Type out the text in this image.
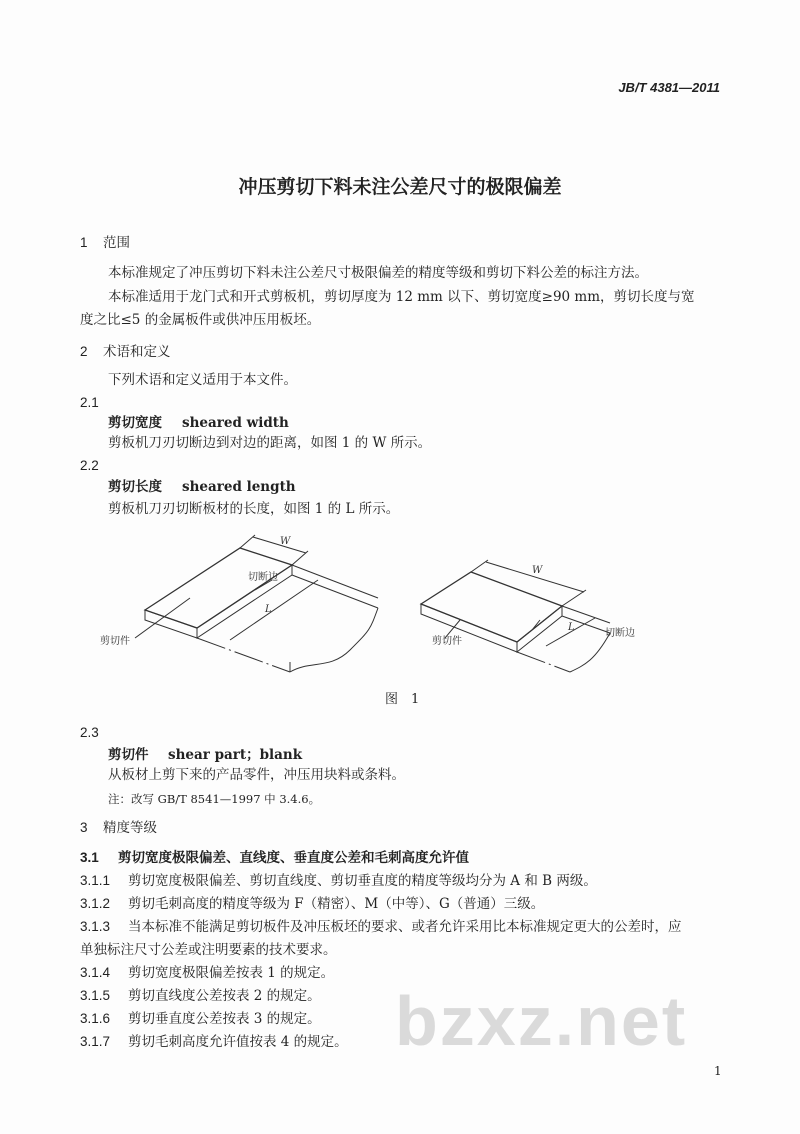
JB/T 4381—2011
冲压剪切下料未注公差尺寸的极限偏差
1 范围
本标准规定了冲压剪切下料未注公差尺寸极限偏差的精度等级和剪切下料公差的标注方法。
本标准适用于龙门式和开式剪板机，剪切厚度为 12 mm 以下、剪切宽度≥90 mm，剪切长度与宽
度之比≤5 的金属板件或供冲压用板坯。
2 术语和定义
下列术语和定义适用于本文件。
2.1
剪切宽度 sheared width
剪板机刀刃切断边到对边的距离，如图 1 的 W 所示。
2.2
剪切长度 sheared length
剪板机刀刃切断板材的长度，如图 1 的 L 所示。
切断边
剪切件
W
L
切断边
剪切件
W
L
图　1
2.3
剪切件 shear part；blank
从板材上剪下来的产品零件，冲压用块料或条料。
注：改写 GB/T 8541—1997 中 3.4.6。
3 精度等级
3.1 剪切宽度极限偏差、直线度、垂直度公差和毛刺高度允许值
3.1.1 剪切宽度极限偏差、剪切直线度、剪切垂直度的精度等级均分为 A 和 B 两级。
3.1.2 剪切毛刺高度的精度等级为 F（精密）、M（中等）、G（普通）三级。
3.1.3 当本标准不能满足剪切板件及冲压板坯的要求、或者允许采用比本标准规定更大的公差时，应
单独标注尺寸公差或注明要素的技术要求。
3.1.4 剪切宽度极限偏差按表 1 的规定。
3.1.5 剪切直线度公差按表 2 的规定。
3.1.6 剪切垂直度公差按表 3 的规定。
3.1.7 剪切毛刺高度允许值按表 4 的规定。 bzxz.net
1
